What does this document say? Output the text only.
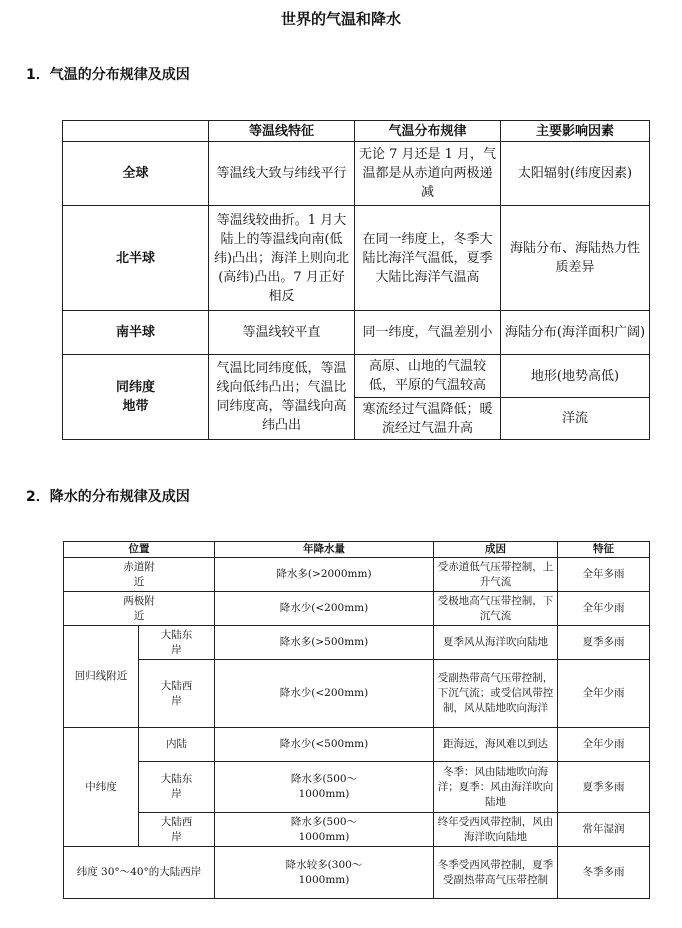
世界的气温和降水
1．气温的分布规律及成因
	等温线特征	气温分布规律	主要影响因素
全球	等温线大致与纬线平行	无论 7 月还是 1 月，气温都是从赤道向两极递减	太阳辐射(纬度因素)
北半球	等温线较曲折。1 月大陆上的等温线向南(低纬)凸出；海洋上则向北(高纬)凸出。7 月正好相反	在同一纬度上，冬季大陆比海洋气温低，夏季大陆比海洋气温高	海陆分布、海陆热力性质差异
南半球	等温线较平直	同一纬度，气温差别小	海陆分布(海洋面积广阔)
同纬度地带	气温比同纬度低，等温线向低纬凸出；气温比同纬度高，等温线向高纬凸出	高原、山地的气温较低，平原的气温较高	地形(地势高低)
		寒流经过气温降低；暖流经过气温升高	洋流
2．降水的分布规律及成因
位置		年降水量	成因	特征
赤道附近		降水多(>2000mm)	受赤道低气压带控制，上升气流	全年多雨
两极附近		降水少(<200mm)	受极地高气压带控制，下沉气流	全年少雨
回归线附近	大陆东岸	降水多(>500mm)	夏季风从海洋吹向陆地	夏季多雨
	大陆西岸	降水少(<200mm)	受副热带高气压带控制，下沉气流；或受信风带控制，风从陆地吹向海洋	全年少雨
中纬度	内陆	降水少(<500mm)	距海远，海风难以到达	全年少雨
	大陆东岸	降水多(500～1000mm)	冬季：风由陆地吹向海洋；夏季：风由海洋吹向陆地	夏季多雨
	大陆西岸	降水多(500～1000mm)	终年受西风带控制，风由海洋吹向陆地	常年湿润
纬度 30°～40°的大陆西岸		降水较多(300～1000mm)	冬季受西风带控制，夏季受副热带高气压带控制	冬季多雨
